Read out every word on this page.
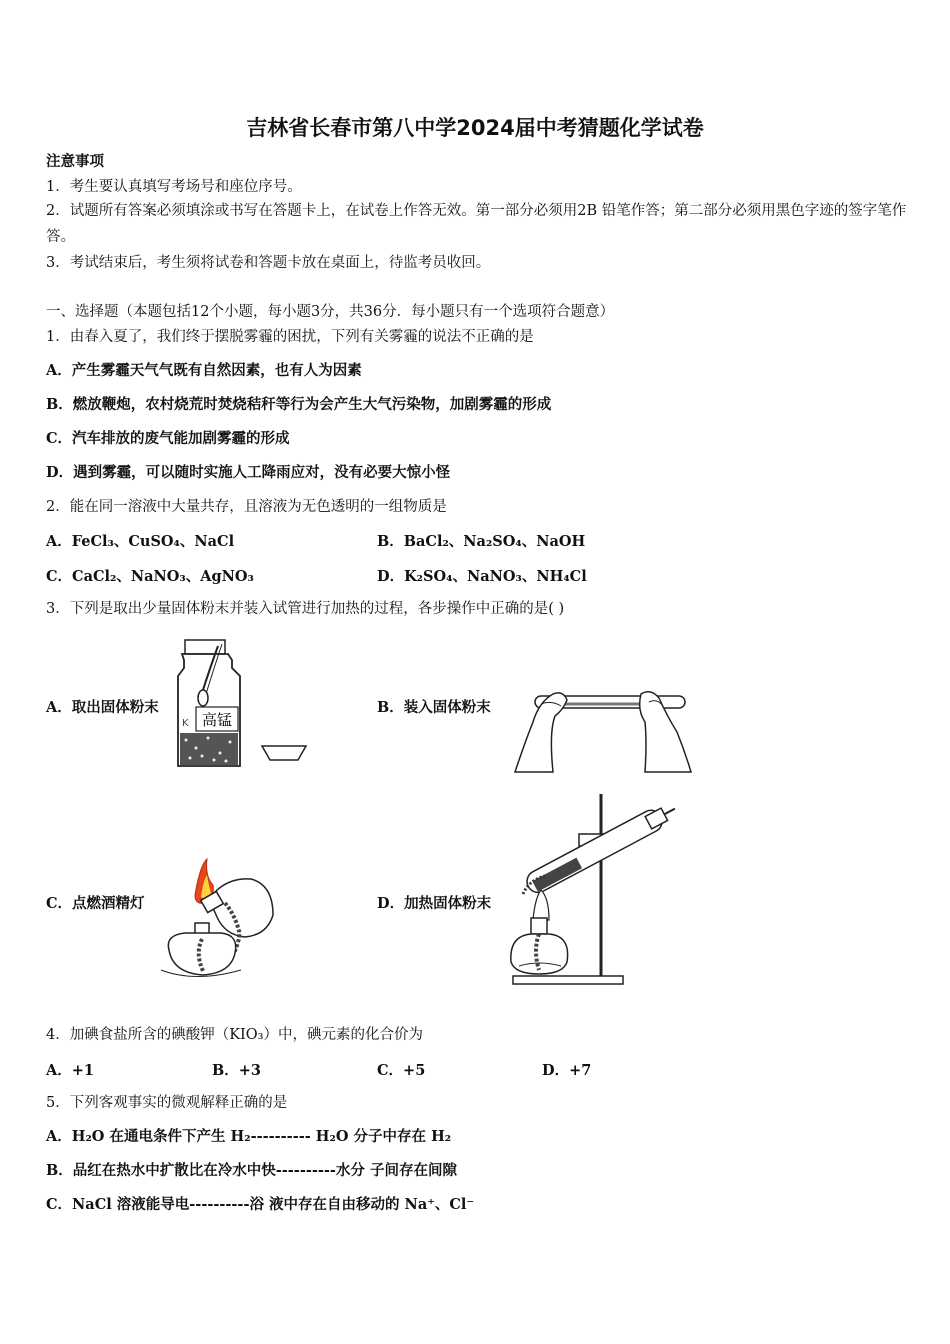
吉林省长春市第八中学2024届中考猜题化学试卷
注意事项
1．考生要认真填写考场号和座位序号。
2．试题所有答案必须填涂或书写在答题卡上，在试卷上作答无效。第一部分必须用2B 铅笔作答；第二部分必须用黑色字迹的签字笔作答。
3．考试结束后，考生须将试卷和答题卡放在桌面上，待监考员收回。
一、选择题（本题包括12个小题，每小题3分，共36分．每小题只有一个选项符合题意）
1．由春入夏了，我们终于摆脱雾霾的困扰，下列有关雾霾的说法不正确的是
A．产生雾霾天气气既有自然因素，也有人为因素
B．燃放鞭炮，农村烧荒时焚烧秸秆等行为会产生大气污染物，加剧雾霾的形成
C．汽车排放的废气能加剧雾霾的形成
D．遇到雾霾，可以随时实施人工降雨应对，没有必要大惊小怪
2．能在同一溶液中大量共存，且溶液为无色透明的一组物质是
A．FeCl₃、CuSO₄、NaCl	B．BaCl₂、Na₂SO₄、NaOH
C．CaCl₂、NaNO₃、AgNO₃	D．K₂SO₄、NaNO₃、NH₄Cl
3．下列是取出少量固体粉末并装入试管进行加热的过程，各步操作中正确的是( )
A．取出固体粉末	B．装入固体粉末
C．点燃酒精灯	D．加热固体粉末
高锰
K
4．加碘食盐所含的碘酸钾（KIO₃）中，碘元素的化合价为
A．+1	B．+3	C．+5	D．+7
5．下列客观事实的微观解释正确的是
A．H₂O 在通电条件下产生 H₂---------- H₂O 分子中存在 H₂
B．品红在热水中扩散比在冷水中快----------水分 子间存在间隙
C．NaCl 溶液能导电----------浴 液中存在自由移动的 Na⁺、Cl⁻
